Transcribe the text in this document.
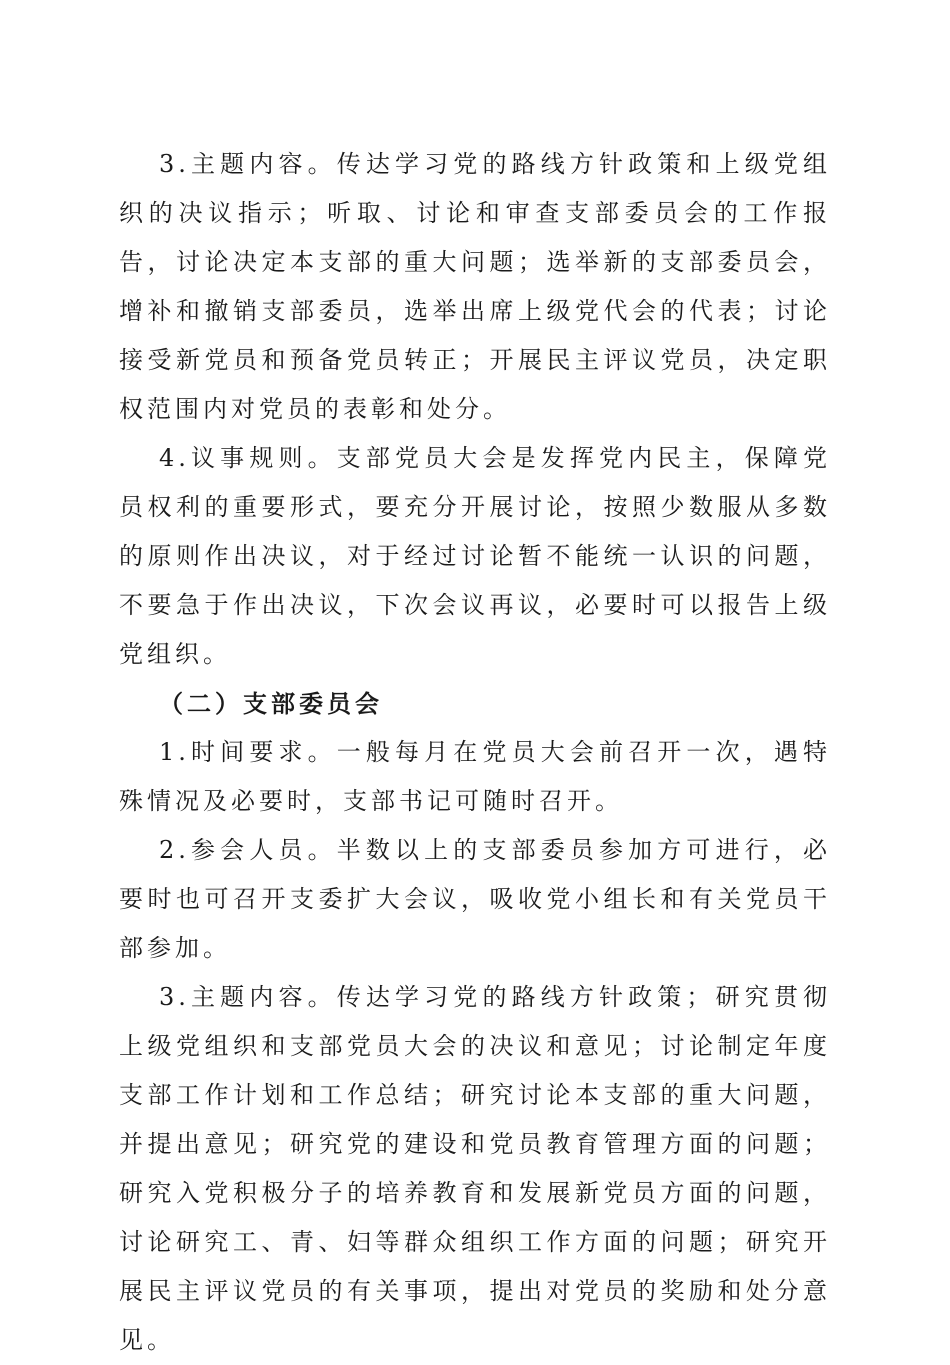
3.主题内容。传达学习党的路线方针政策和上级党组织的决议指示；听取、讨论和审查支部委员会的工作报告，讨论决定本支部的重大问题；选举新的支部委员会，增补和撤销支部委员，选举出席上级党代会的代表；讨论接受新党员和预备党员转正；开展民主评议党员，决定职权范围内对党员的表彰和处分。

4.议事规则。支部党员大会是发挥党内民主，保障党员权利的重要形式，要充分开展讨论，按照少数服从多数的原则作出决议，对于经过讨论暂不能统一认识的问题，不要急于作出决议，下次会议再议，必要时可以报告上级党组织。

（二）支部委员会

1.时间要求。一般每月在党员大会前召开一次，遇特殊情况及必要时，支部书记可随时召开。

2.参会人员。半数以上的支部委员参加方可进行，必要时也可召开支委扩大会议，吸收党小组长和有关党员干部参加。

3.主题内容。传达学习党的路线方针政策；研究贯彻上级党组织和支部党员大会的决议和意见；讨论制定年度支部工作计划和工作总结；研究讨论本支部的重大问题，并提出意见；研究党的建设和党员教育管理方面的问题；研究入党积极分子的培养教育和发展新党员方面的问题，讨论研究工、青、妇等群众组织工作方面的问题；研究开展民主评议党员的有关事项，提出对党员的奖励和处分意见。
